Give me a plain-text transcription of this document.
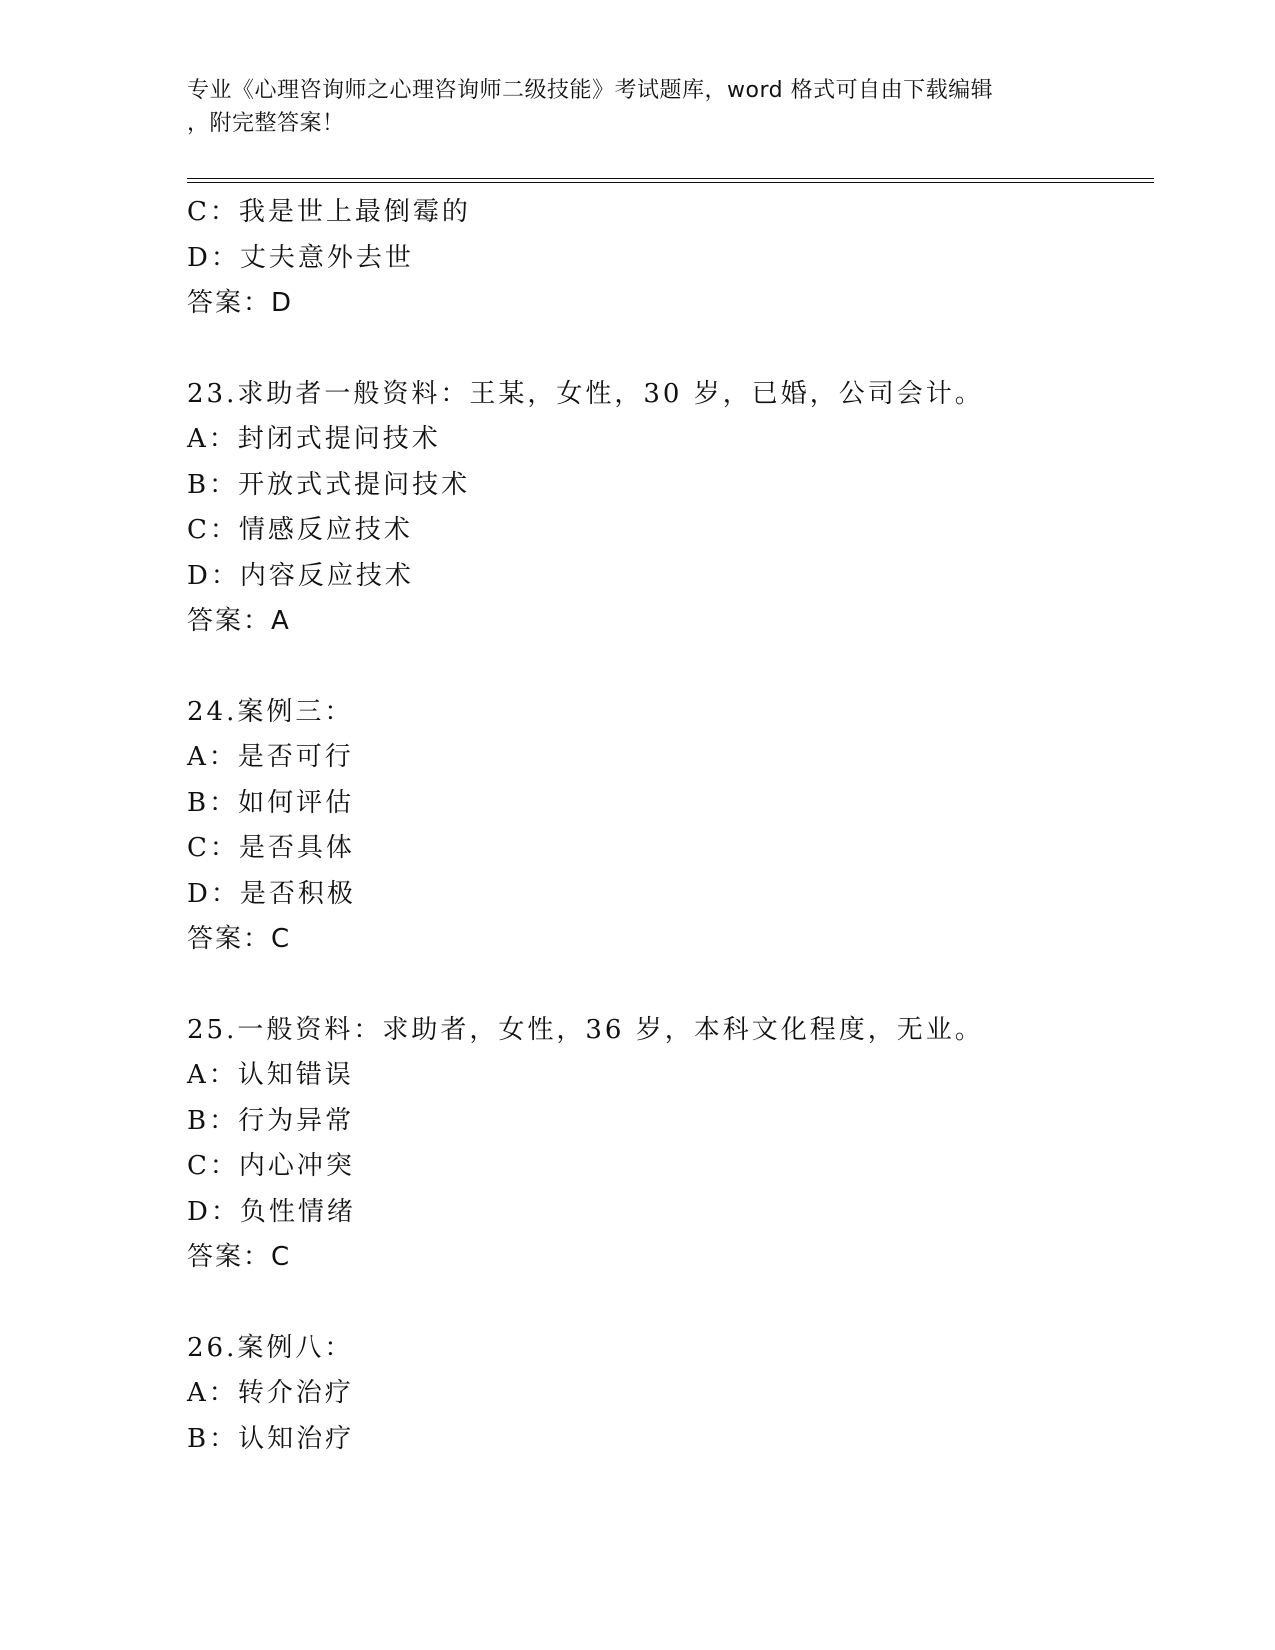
专业《心理咨询师之心理咨询师二级技能》考试题库，word 格式可自由下载编辑
，附完整答案！
C：我是世上最倒霉的
D：丈夫意外去世
答案：D
23.求助者一般资料：王某，女性，30 岁，已婚，公司会计。
A：封闭式提问技术
B：开放式式提问技术
C：情感反应技术
D：内容反应技术
答案：A
24.案例三：
A：是否可行
B：如何评估
C：是否具体
D：是否积极
答案：C
25.一般资料：求助者，女性，36 岁，本科文化程度，无业。
A：认知错误
B：行为异常
C：内心冲突
D：负性情绪
答案：C
26.案例八：
A：转介治疗
B：认知治疗
